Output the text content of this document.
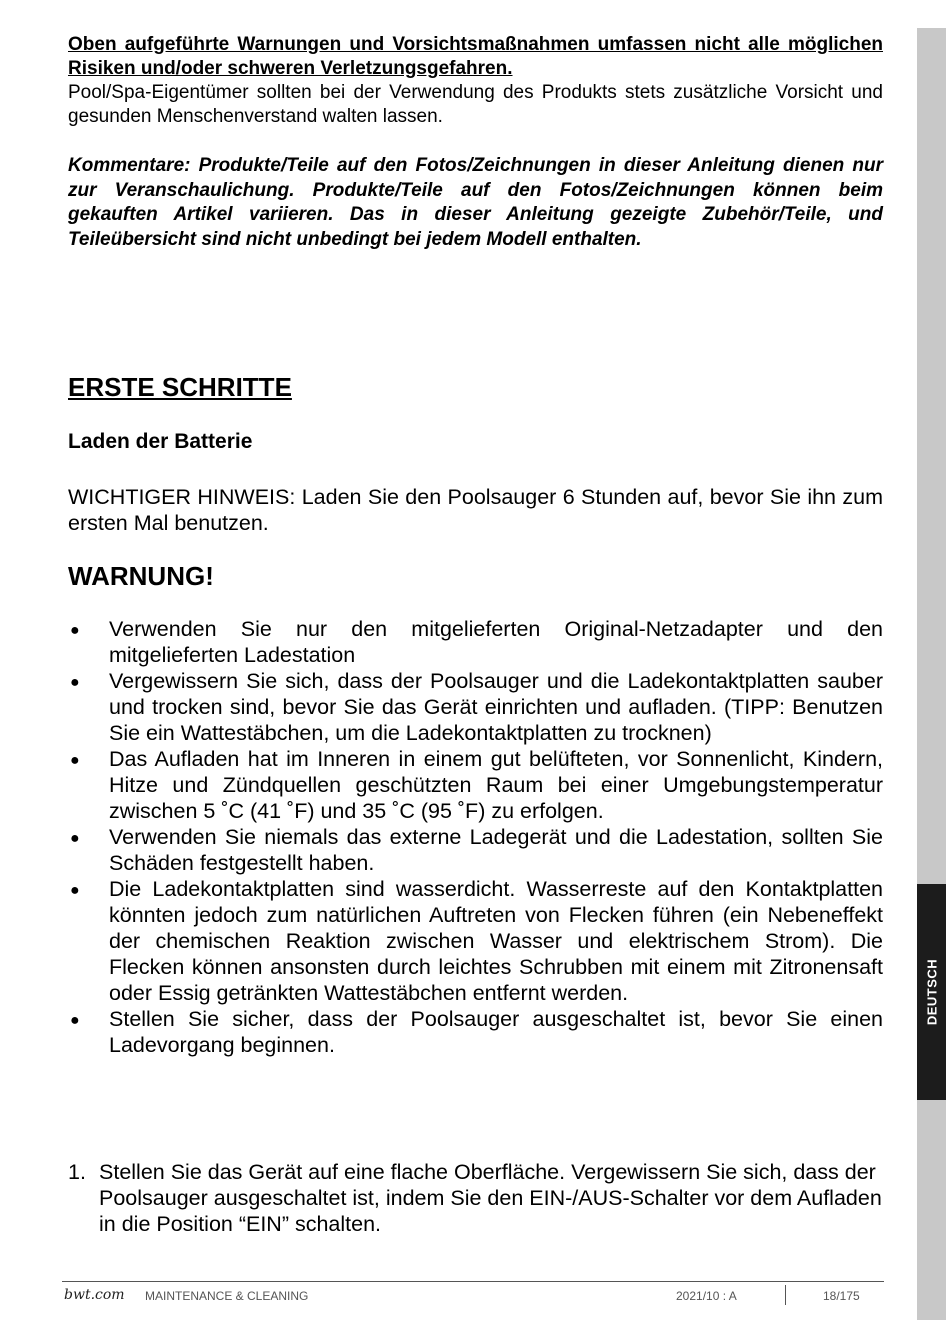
Oben aufgeführte Warnungen und Vorsichtsmaßnahmen umfassen nicht alle möglichen Risiken und/oder schweren Verletzungsgefahren.

Pool/Spa-Eigentümer sollten bei der Verwendung des Produkts stets zusätzliche Vorsicht und gesunden Menschenverstand walten lassen.

Kommentare: Produkte/Teile auf den Fotos/Zeichnungen in dieser Anleitung dienen nur zur Veranschaulichung. Produkte/Teile auf den Fotos/Zeichnungen können beim gekauften Artikel variieren. Das in dieser Anleitung gezeigte Zubehör/Teile, und Teileübersicht sind nicht unbedingt bei jedem Modell enthalten.

ERSTE SCHRITTE
Laden der Batterie

WICHTIGER HINWEIS: Laden Sie den Poolsauger 6 Stunden auf, bevor Sie ihn zum ersten Mal benutzen.

WARNUNG!
● Verwenden Sie nur den mitgelieferten Original-Netzadapter und den mitgelieferten Ladestation
● Vergewissern Sie sich, dass der Poolsauger und die Ladekontaktplatten sauber und trocken sind, bevor Sie das Gerät einrichten und aufladen. (TIPP: Benutzen Sie ein Wattestäbchen, um die Ladekontaktplatten zu trocknen)
● Das Aufladen hat im Inneren in einem gut belüfteten, vor Sonnenlicht, Kindern, Hitze und Zündquellen geschützten Raum bei einer Umgebungstemperatur zwischen 5 ˚C (41 ˚F) und 35 ˚C (95 ˚F) zu erfolgen.
● Verwenden Sie niemals das externe Ladegerät und die Ladestation, sollten Sie Schäden festgestellt haben.
● Die Ladekontaktplatten sind wasserdicht. Wasserreste auf den Kontaktplatten könnten jedoch zum natürlichen Auftreten von Flecken führen (ein Nebeneffekt der chemischen Reaktion zwischen Wasser und elektrischem Strom). Die Flecken können ansonsten durch leichtes Schrubben mit einem mit Zitronensaft oder Essig getränkten Wattestäbchen entfernt werden.
● Stellen Sie sicher, dass der Poolsauger ausgeschaltet ist, bevor Sie einen Ladevorgang beginnen.
1. Stellen Sie das Gerät auf eine flache Oberfläche. Vergewissern Sie sich, dass der Poolsauger ausgeschaltet ist, indem Sie den EIN-/AUS-Schalter vor dem Aufladen in die Position “EIN” schalten.
DEUTSCH
bwt.com MAINTENANCE & CLEANING	2021/10 : A	18/175
